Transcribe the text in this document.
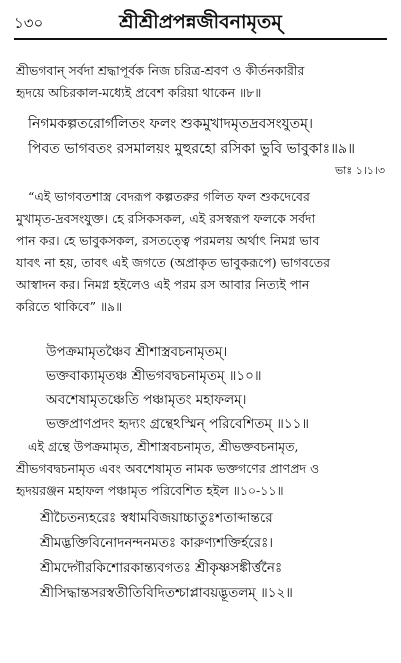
১৩০	শ্রীশ্রীপ্রপন্নজীবনামৃতম্
শ্রীভগবান্ সর্বদা শ্রদ্ধাপূর্বক নিজ চরিত্র-শ্রবণ ও কীর্তনকারীর
হৃদয়ে অচিরকাল-মধ্যেই প্রবেশ করিয়া থাকেন ॥৮॥
নিগমকল্পতরোর্গলিতং ফলং শুকমুখাদমৃতদ্রবসংযুতম্।
পিবত ভাগবতং রসমালয়ং মুহুরহো রসিকা ভুবি ভাবুকাঃ॥৯॥
ভাঃ ১।১।৩
“এই ভাগবতশাস্ত্র বেদরূপ কল্পতরুর গলিত ফল শুকদেবের
মুখামৃত-দ্রবসংযুক্ত। হে রসিকসকল, এই রসস্বরূপ ফলকে সর্বদা
পান কর। হে ভাবুকসকল, রসতত্ত্বে পরমলয় অর্থাৎ নিমগ্ন ভাব
যাবৎ না হয়, তাবৎ এই জগতে (অপ্রাকৃত ভাবুকরূপে) ভাগবতের
আস্বাদন কর। নিমগ্ন হইলেও এই পরম রস আবার নিত্যই পান
করিতে থাকিবে” ॥৯॥
উপক্রমামৃতঞ্চৈব শ্রীশাস্ত্রবচনামৃতম্।
ভক্তবাক্যামৃতঞ্চ শ্রীভগবদ্বচনামৃতম্ ॥১০॥
অবশেষামৃতঞ্চেতি পঞ্চামৃতং মহাফলম্।
ভক্তপ্রাণপ্রদং হৃদ্যং গ্রন্থেঽস্মিন্ পরিবেশিতম্ ॥১১॥
এই গ্রন্থে উপক্রমামৃত, শ্রীশাস্ত্রবচনামৃত, শ্রীভক্তবচনামৃত,
শ্রীভগবদ্বচনামৃত এবং অবশেষামৃত নামক ভক্তগণের প্রাণপ্রদ ও
হৃদয়রঞ্জন মহাফল পঞ্চামৃত পরিবেশিত হইল ॥১০-১১॥
শ্রীচৈতন্যহরেঃ স্বধামবিজয়াচ্চাতুঃশতাব্দান্তরে
শ্রীমদ্ভক্তিবিনোদনন্দনমতঃ কারুণ্যশক্তির্হরেঃ।
শ্রীমদ্গৌরকিশোরকান্ত্যবগতঃ শ্রীকৃষ্ণসঙ্কীর্ত্তনৈঃ
শ্রীসিদ্ধান্তসরস্বতীতিবিদিতশ্চাপ্লাবয়দ্ভূতলম্ ॥১২॥
